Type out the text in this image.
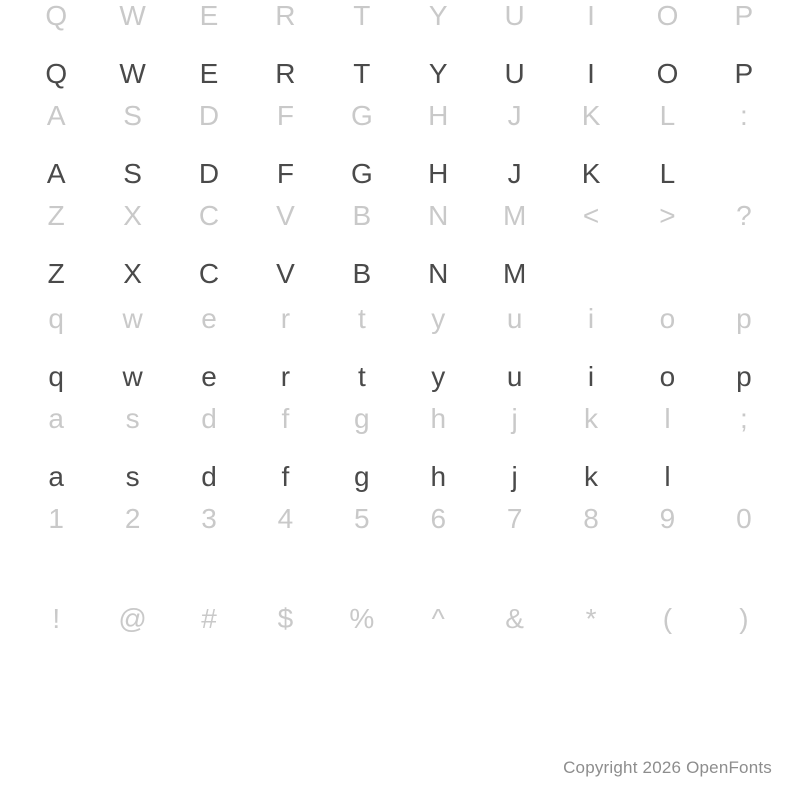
Q	W	E	R	T	Y	U	I	O	P
Q	W	E	R	T	Y	U	I	O	P
A	S	D	F	G	H	J	K	L	:
A	S	D	F	G	H	J	K	L
Z	X	C	V	B	N	M	<	>	?
Z	X	C	V	B	N	M
q	w	e	r	t	y	u	i	o	p
q	w	e	r	t	y	u	i	o	p
a	s	d	f	g	h	j	k	l	;
a	s	d	f	g	h	j	k	l
1	2	3	4	5	6	7	8	9	0
!	@	#	$	%	^	&	*	(	)
Copyright 2026 OpenFonts
